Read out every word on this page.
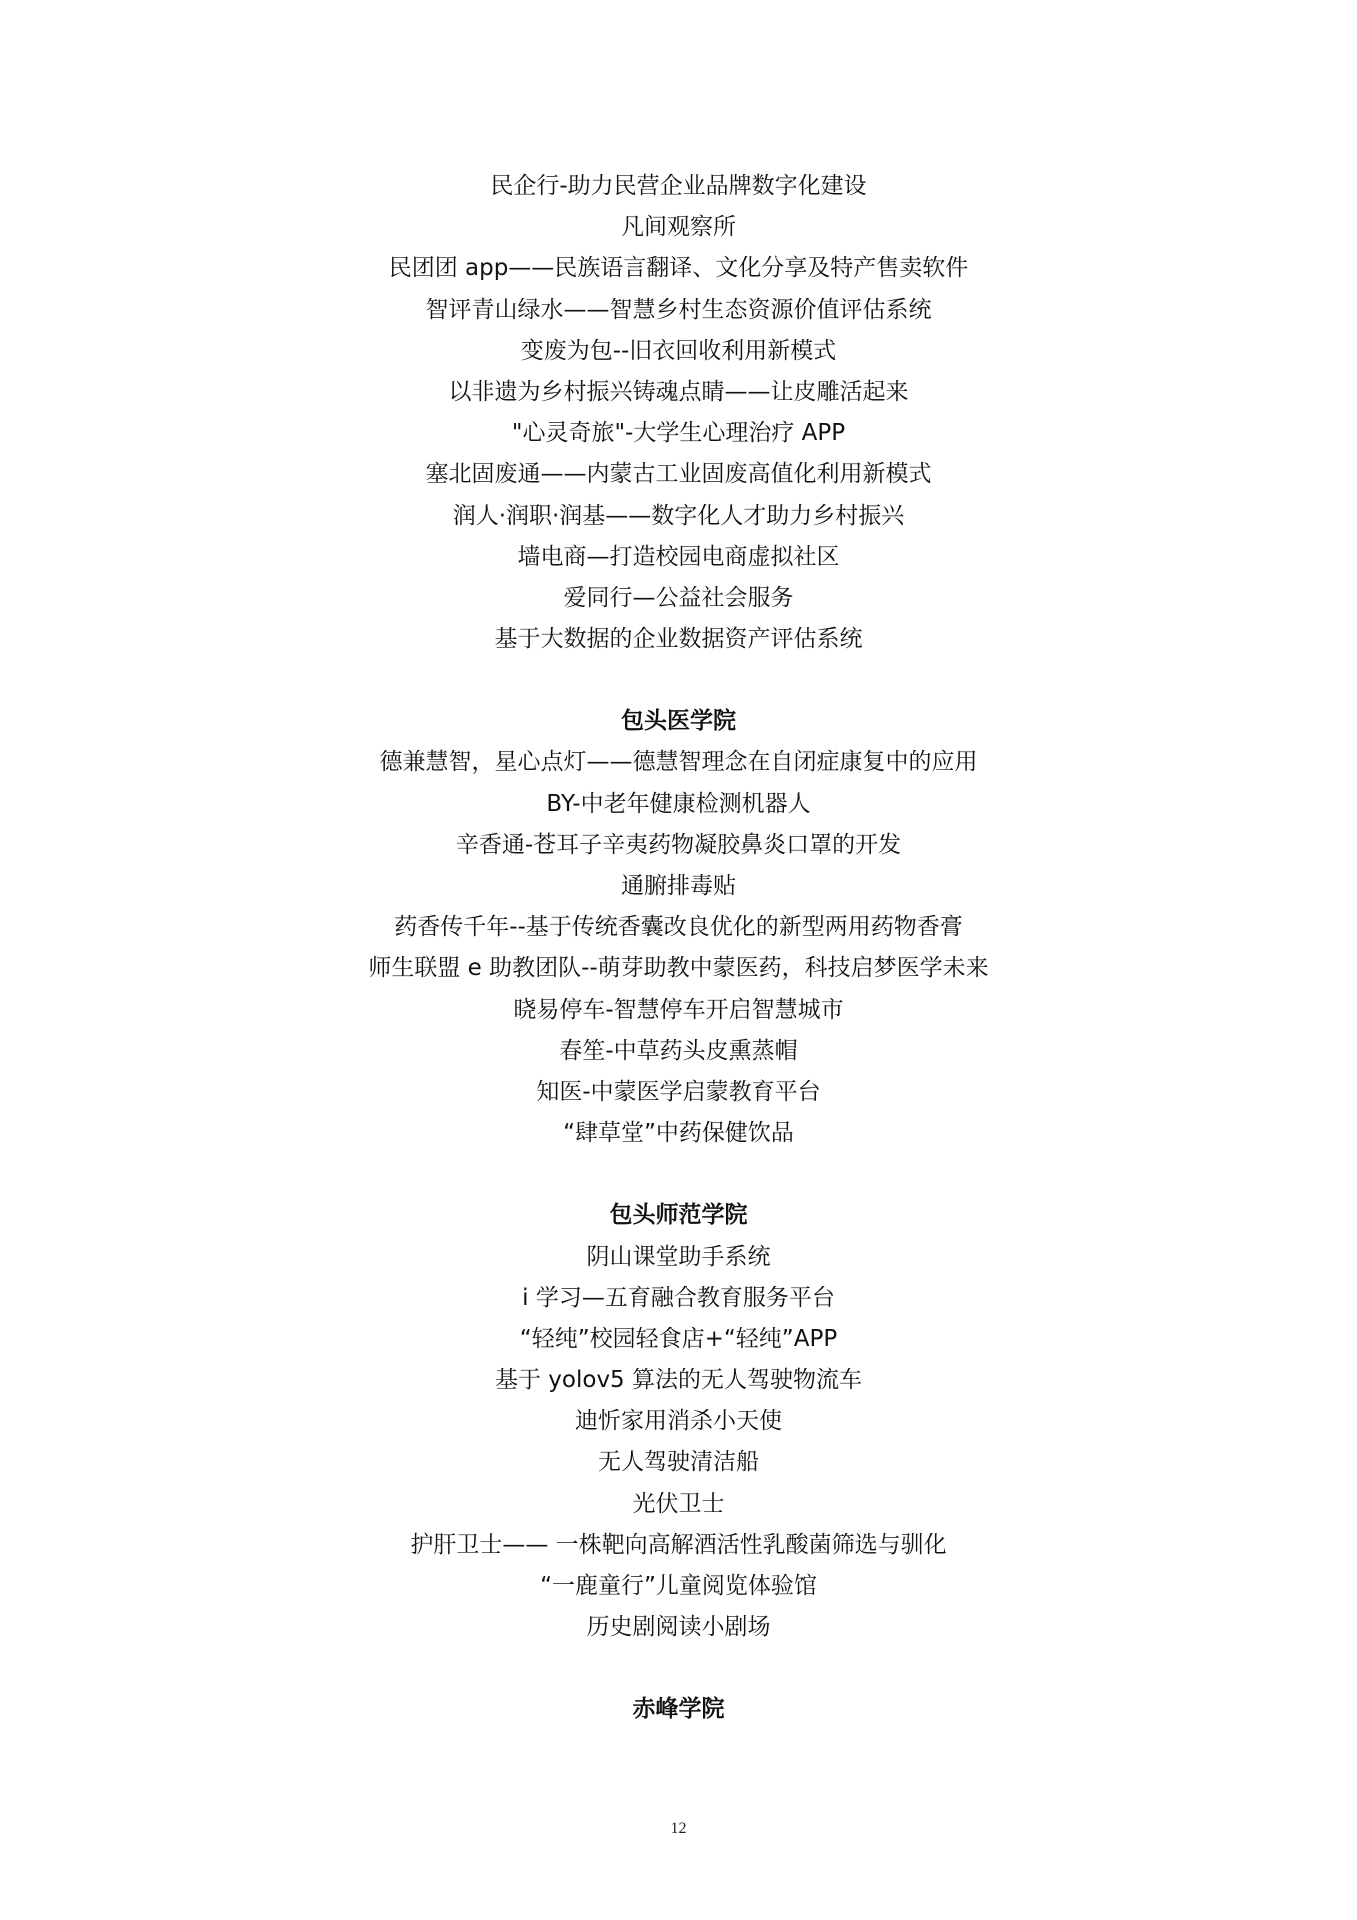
民企行-助力民营企业品牌数字化建设
凡间观察所
民团团 app——民族语言翻译、文化分享及特产售卖软件
智评青山绿水——智慧乡村生态资源价值评估系统
变废为包--旧衣回收利用新模式
以非遗为乡村振兴铸魂点睛——让皮雕活起来
"心灵奇旅"-大学生心理治疗 APP
塞北固废通——内蒙古工业固废高值化利用新模式
润人·润职·润基——数字化人才助力乡村振兴
墙电商—打造校园电商虚拟社区
爱同行—公益社会服务
基于大数据的企业数据资产评估系统
包头医学院
德兼慧智，星心点灯——德慧智理念在自闭症康复中的应用
BY-中老年健康检测机器人
辛香通-苍耳子辛夷药物凝胶鼻炎口罩的开发
通腑排毒贴
药香传千年--基于传统香囊改良优化的新型两用药物香膏
师生联盟 e 助教团队--萌芽助教中蒙医药，科技启梦医学未来
晓易停车-智慧停车开启智慧城市
春笙-中草药头皮熏蒸帽
知医-中蒙医学启蒙教育平台
“肆草堂”中药保健饮品
包头师范学院
阴山课堂助手系统
i 学习—五育融合教育服务平台
“轻纯”校园轻食店+“轻纯”APP
基于 yolov5 算法的无人驾驶物流车
迪忻家用消杀小天使
无人驾驶清洁船
光伏卫士
护肝卫士—— 一株靶向高解酒活性乳酸菌筛选与驯化
“一鹿童行”儿童阅览体验馆
历史剧阅读小剧场
赤峰学院
12
